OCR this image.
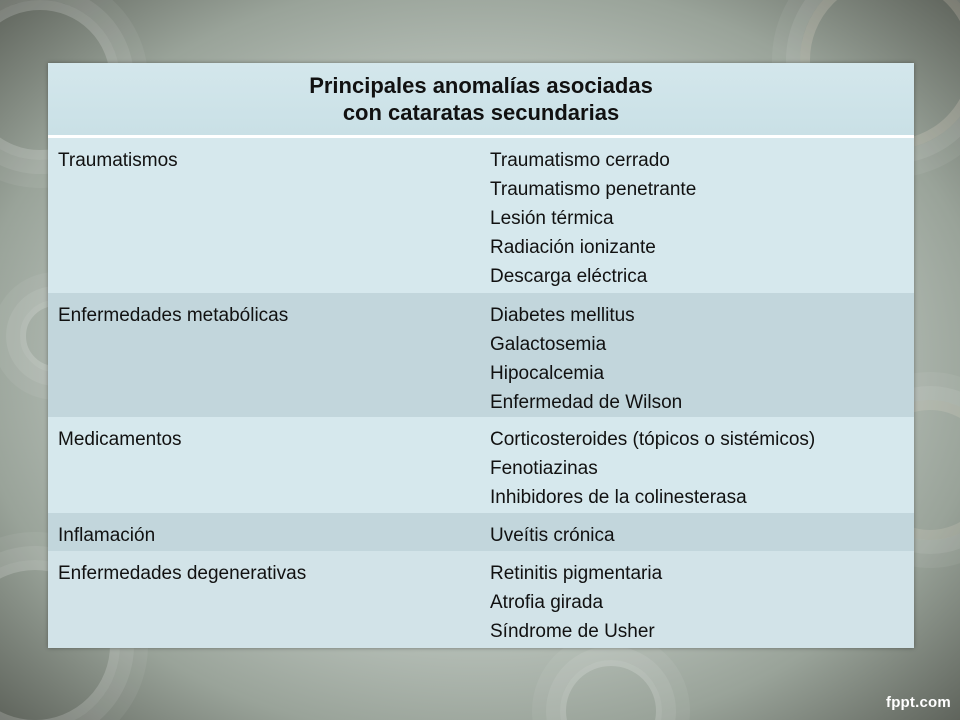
Principales anomalías asociadas
con cataratas secundarias
Traumatismos	Traumatismo cerrado
Traumatismo penetrante
Lesión térmica
Radiación ionizante
Descarga eléctrica
Enfermedades metabólicas	Diabetes mellitus
Galactosemia
Hipocalcemia
Enfermedad de Wilson
Medicamentos	Corticosteroides (tópicos o sistémicos)
Fenotiazinas
Inhibidores de la colinesterasa
Inflamación	Uveítis crónica
Enfermedades degenerativas	Retinitis pigmentaria
Atrofia girada
Síndrome de Usher
fppt.com
